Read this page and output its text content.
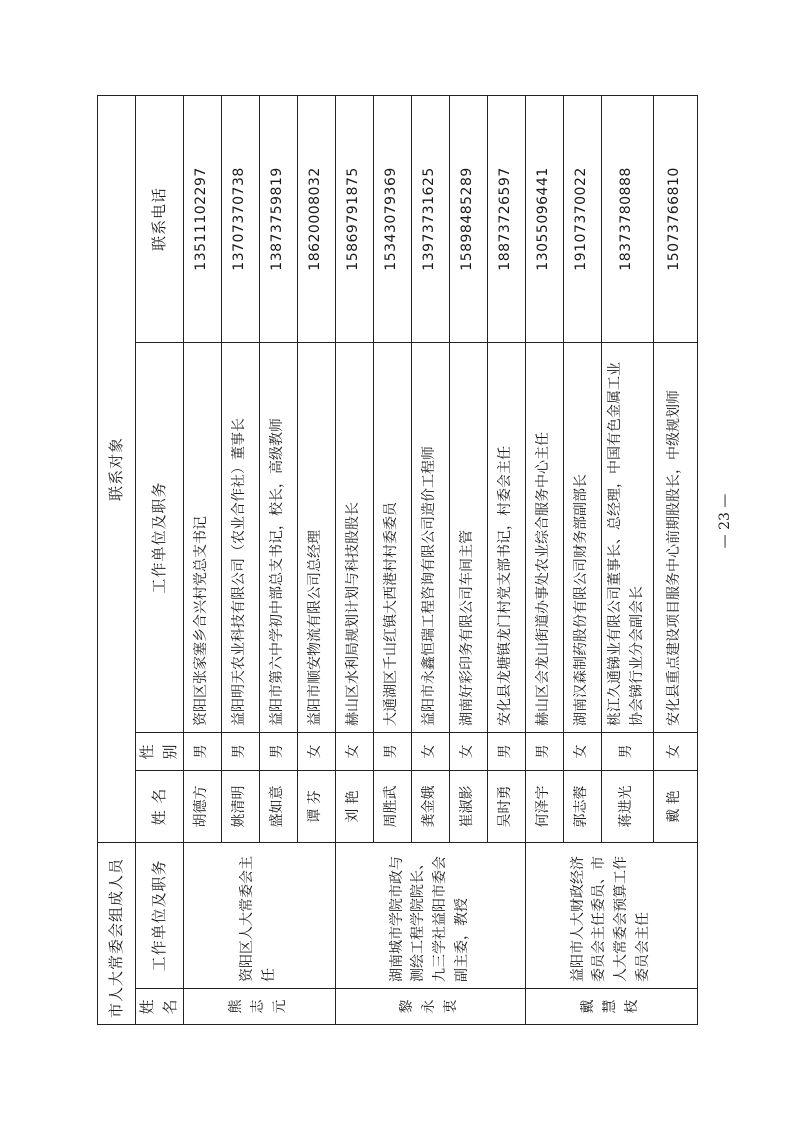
市人大常委会组成人员		联系对象			
姓 名	工作单位及职务	姓 名	性别	工作单位及职务	联系电话
熊志元	资阳区人大常委会主任	胡德方	男	资阳区张家塞乡合兴村党总支书记	13511102297
		姚清明	男	益阳明天农业科技有限公司（农业合作社）董事长	13707370738
		盛如意	男	益阳市第六中学初中部总支书记，校长，高级教师	13873759819
		谭 芬	女	益阳市顺安物流有限公司总经理	18620008032
黎永衷	湖南城市学院市政与测绘工程学院院长、九三学社益阳市委会副主委，教授	刘 艳	女	赫山区水利局规划计划与科技股股长	15869791875
		周胜武	男	大通湖区千山红镇大西港村村委委员	15343079369
		龚金娥	女	益阳市永鑫恒瑞工程咨询有限公司造价工程师	13973731625
		崔淑影	女	湖南好彩印务有限公司车间主管	15898485289
		吴时勇	男	安化县龙塘镇龙门村党支部书记，村委会主任	18873726597
戴慧枝	益阳市人大财政经济委员会主任委员、市人大常委会预算工作委员会主任	何泽宇	男	赫山区会龙山街道办事处农业综合服务中心主任	13055096441
		郭志蓉	女	湖南汉森制药股份有限公司财务部副部长	19107370022
		蒋进光	男	桃江久通锑业有限公司董事长、总经理，中国有色金属工业协会锑行业分会副会长	18373780888
		戴 艳	女	安化县重点建设项目服务中心前期股股长，中级规划师	15073766810
— 23 —
